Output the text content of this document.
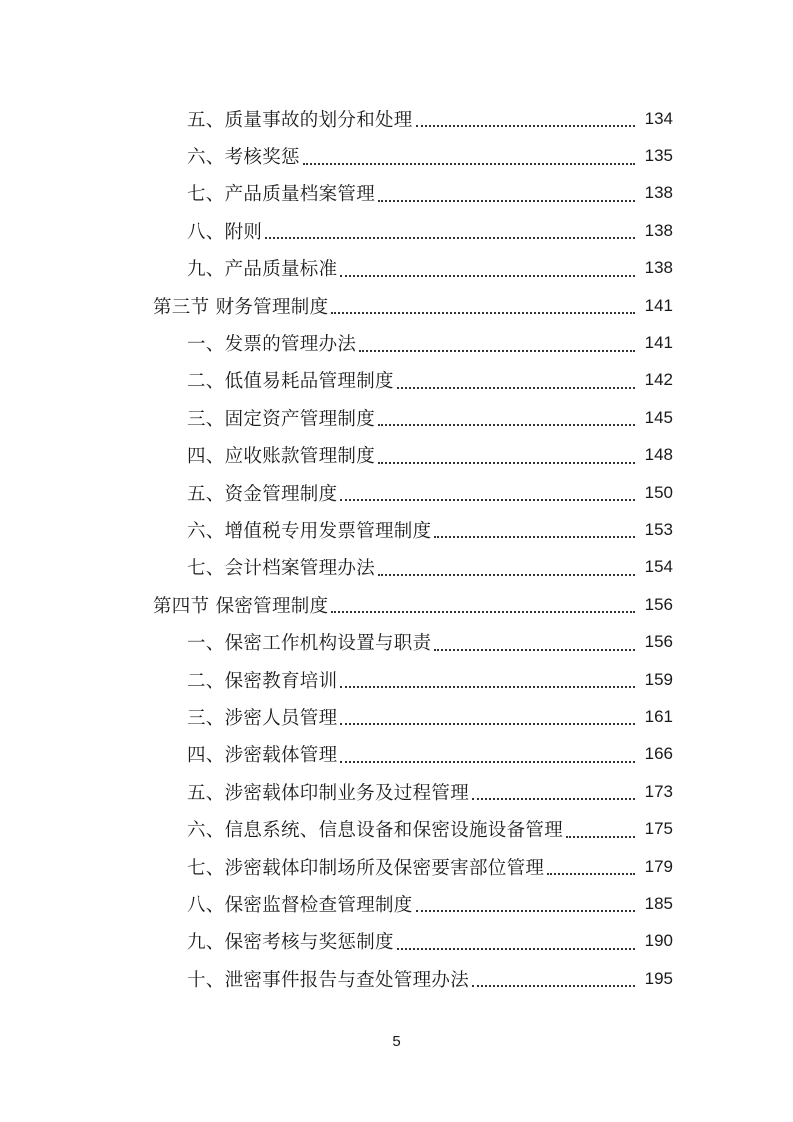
五、质量事故的划分和处理	134
六、考核奖惩	135
七、产品质量档案管理	138
八、附则	138
九、产品质量标准	138
第三节 财务管理制度	141
一、发票的管理办法	141
二、低值易耗品管理制度	142
三、固定资产管理制度	145
四、应收账款管理制度	148
五、资金管理制度	150
六、增值税专用发票管理制度	153
七、会计档案管理办法	154
第四节 保密管理制度	156
一、保密工作机构设置与职责	156
二、保密教育培训	159
三、涉密人员管理	161
四、涉密载体管理	166
五、涉密载体印制业务及过程管理	173
六、信息系统、信息设备和保密设施设备管理	175
七、涉密载体印制场所及保密要害部位管理	179
八、保密监督检查管理制度	185
九、保密考核与奖惩制度	190
十、泄密事件报告与查处管理办法	195
5
